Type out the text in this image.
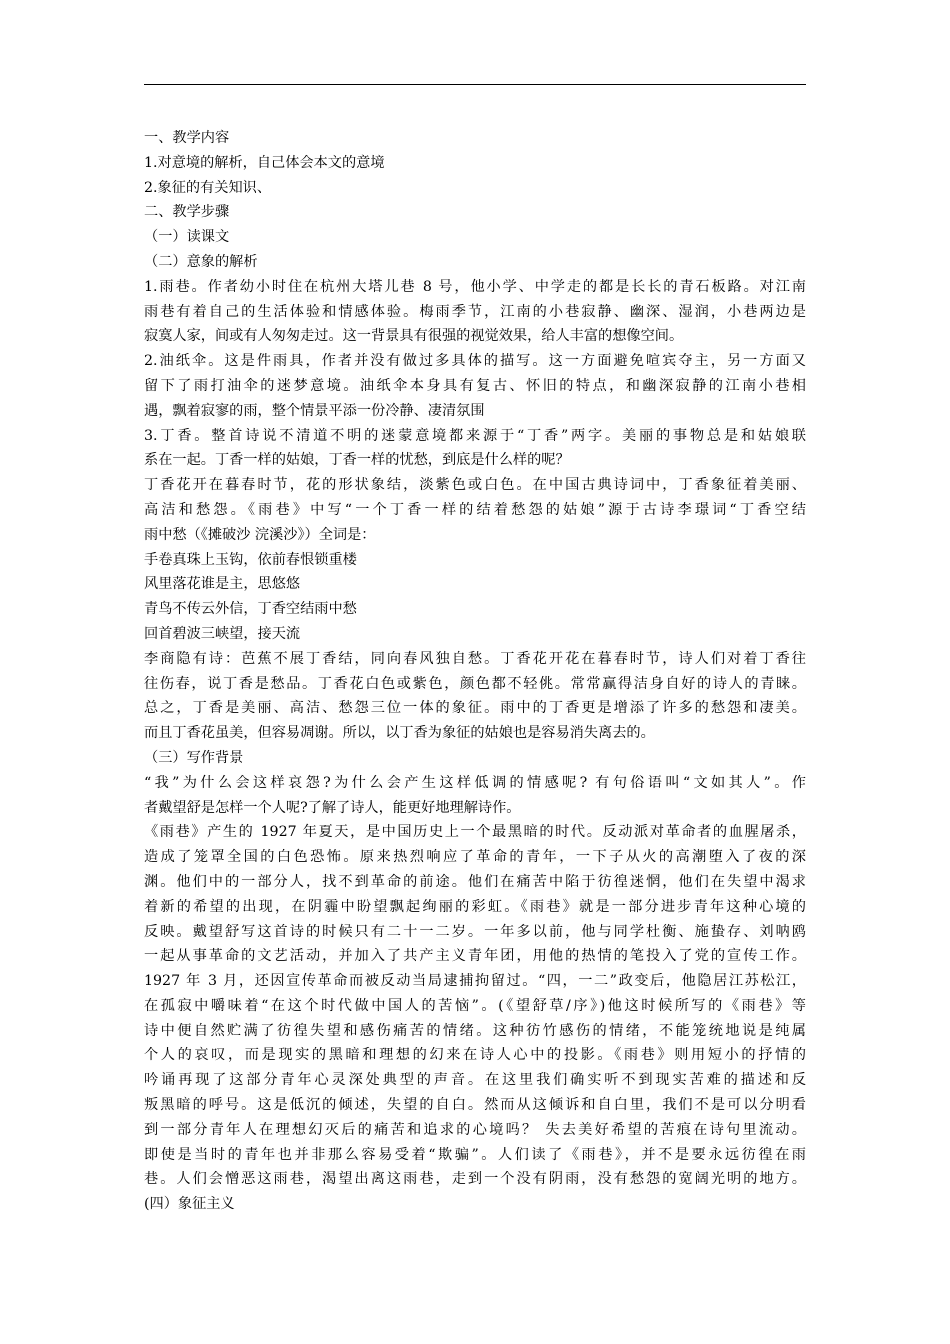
一、教学内容
1.对意境的解析，自己体会本文的意境
2.象征的有关知识、
二、教学步骤
（一）读课文
（二）意象的解析
1.雨巷。作者幼小时住在杭州大塔儿巷 8 号，他小学、中学走的都是长长的青石板路。对江南
雨巷有着自己的生活体验和情感体验。梅雨季节，江南的小巷寂静、幽深、湿润，小巷两边是
寂寞人家，间或有人匆匆走过。这一背景具有很强的视觉效果，给人丰富的想像空间。
2.油纸伞。这是件雨具，作者并没有做过多具体的描写。这一方面避免喧宾夺主，另一方面又
留下了雨打油伞的迷梦意境。油纸伞本身具有复古、怀旧的特点，和幽深寂静的江南小巷相
遇，飘着寂寥的雨，整个情景平添一份冷静、凄清氛围
3.丁香。整首诗说不清道不明的迷蒙意境都来源于“丁香”两字。美丽的事物总是和姑娘联
系在一起。丁香一样的姑娘，丁香一样的忧愁，到底是什么样的呢？
丁香花开在暮春时节，花的形状象结，淡紫色或白色。在中国古典诗词中，丁香象征着美丽、
高洁和愁怨。《雨巷》中写“一个丁香一样的结着愁怨的姑娘”源于古诗李璟词“丁香空结
雨中愁（《摊破沙 浣溪沙》）全词是：
手卷真珠上玉钩，依前春恨锁重楼
风里落花谁是主，思悠悠
青鸟不传云外信，丁香空结雨中愁
回首碧波三峡望，接天流
李商隐有诗：芭蕉不展丁香结，同向春风独自愁。丁香花开花在暮春时节，诗人们对着丁香往
往伤春，说丁香是愁品。丁香花白色或紫色，颜色都不轻佻。常常赢得洁身自好的诗人的青睐。
总之，丁香是美丽、高洁、愁怨三位一体的象征。雨中的丁香更是增添了许多的愁怨和凄美。
而且丁香花虽美，但容易凋谢。所以，以丁香为象征的姑娘也是容易消失离去的。
（三）写作背景
“我”为什么会这样哀怨?为什么会产生这样低调的情感呢? 有句俗语叫“文如其人”。作
者戴望舒是怎样一个人呢?了解了诗人，能更好地理解诗作。
《雨巷》产生的 1927 年夏天，是中国历史上一个最黑暗的时代。反动派对革命者的血腥屠杀，
造成了笼罩全国的白色恐怖。原来热烈响应了革命的青年，一下子从火的高潮堕入了夜的深
渊。他们中的一部分人，找不到革命的前途。他们在痛苦中陷于彷徨迷惘，他们在失望中渴求
着新的希望的出现，在阴霾中盼望飘起绚丽的彩虹。《雨巷》就是一部分进步青年这种心境的
反映。戴望舒写这首诗的时候只有二十一二岁。一年多以前，他与同学杜衡、施蛰存、刘呐鸥
一起从事革命的文艺活动，并加入了共产主义青年团，用他的热情的笔投入了党的宣传工作。
1927 年 3 月，还因宣传革命而被反动当局逮捕拘留过。“四，一二”政变后，他隐居江苏松江，
在孤寂中嚼味着“在这个时代做中国人的苦恼”。(《望舒草/序》)他这时候所写的《雨巷》等
诗中便自然贮满了彷徨失望和感伤痛苦的情绪。这种彷竹感伤的情绪，不能笼统地说是纯属
个人的哀叹，而是现实的黑暗和理想的幻来在诗人心中的投影。《雨巷》则用短小的抒情的
吟诵再现了这部分青年心灵深处典型的声音。在这里我们确实听不到现实苦难的描述和反
叛黑暗的呼号。这是低沉的倾述，失望的自白。然而从这倾诉和自白里，我们不是可以分明看
到一部分青年人在理想幻灭后的痛苦和追求的心境吗？ 失去美好希望的苦痕在诗句里流动。
即使是当时的青年也并非那么容易受着“欺骗”。人们读了《雨巷》，并不是要永远彷徨在雨
巷。人们会憎恶这雨巷，渴望出离这雨巷，走到一个没有阴雨，没有愁怨的宽阔光明的地方。
(四）象征主义
